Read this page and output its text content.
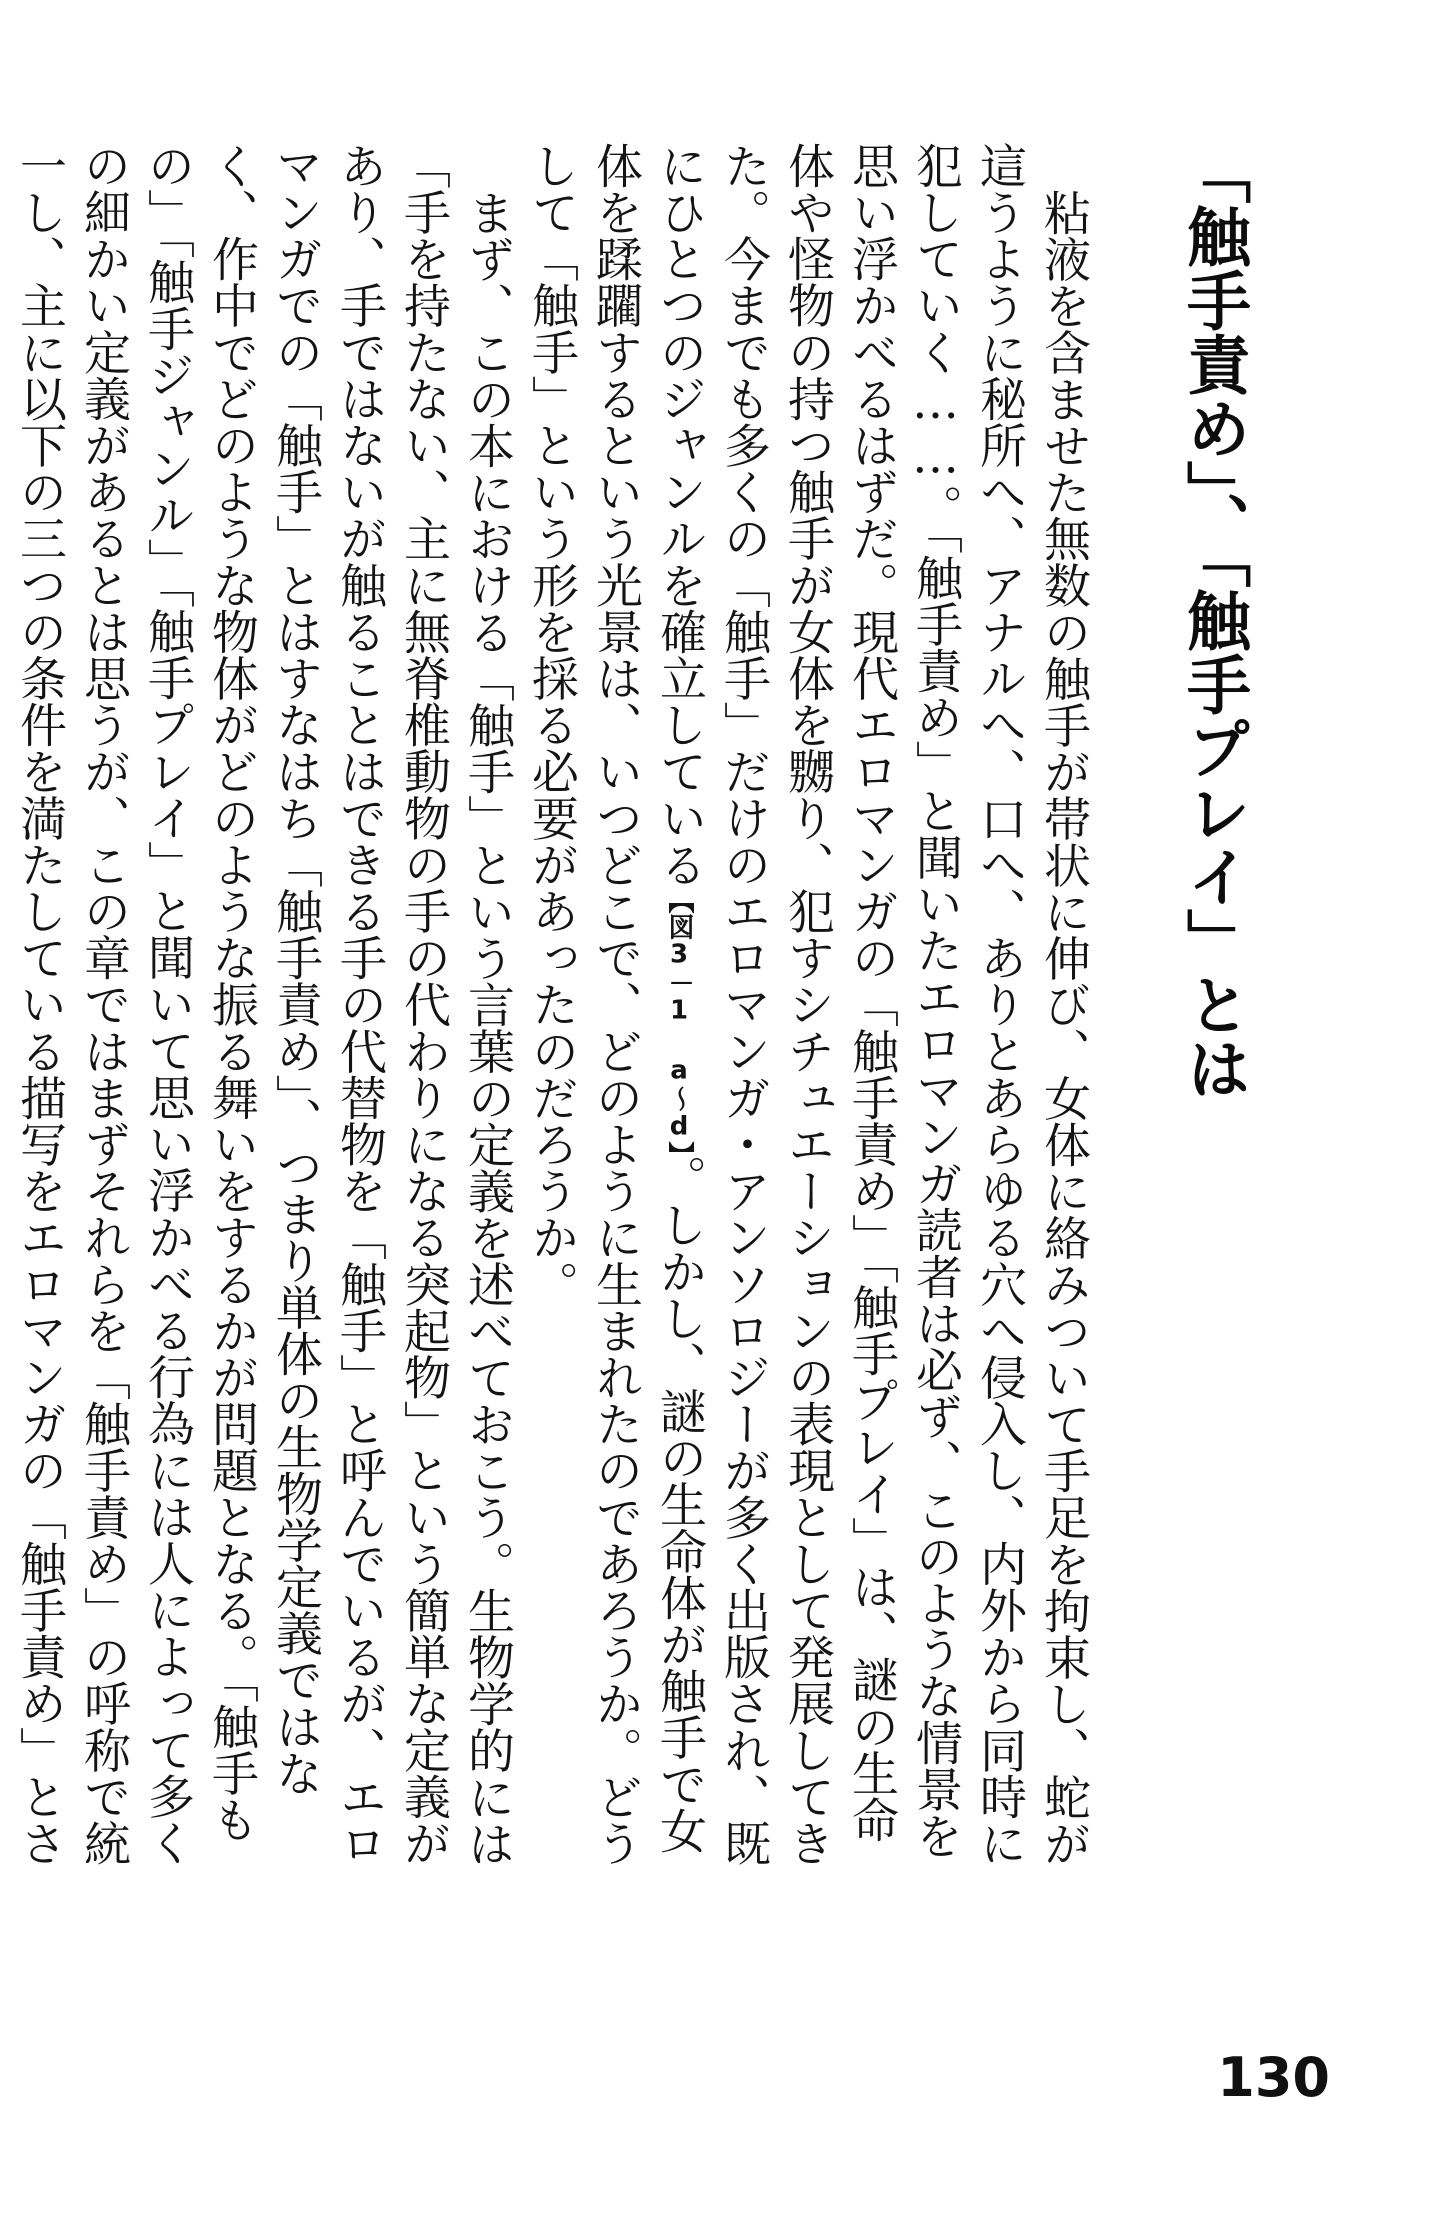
「触手責め」、「触手プレイ」とは

粘液を含ませた無数の触手が帯状に伸び、女体に絡みついて手足を拘束し、蛇が這うように秘所へ、アナルへ、口へ、ありとあらゆる穴へ侵入し、内外から同時に犯していく……。「触手責め」と聞いたエロマンガ読者は必ず、このような情景を思い浮かべるはずだ。現代エロマンガの「触手責め」「触手プレイ」は、謎の生命体や怪物の持つ触手が女体を嬲り、犯すシチュエーションの表現として発展してきた。今までも多くの「触手」だけのエロマンガ・アンソロジーが多く出版され、既にひとつのジャンルを確立している【図3－1 a～d】。しかし、謎の生命体が触手で女体を蹂躙するという光景は、いつどこで、どのように生まれたのであろうか。どうして「触手」という形を採る必要があったのだろうか。

まず、この本における「触手」という言葉の定義を述べておこう。生物学的には「手を持たない、主に無脊椎動物の手の代わりになる突起物」という簡単な定義があり、手ではないが触ることはできる手の代替物を「触手」と呼んでいるが、エロマンガでの「触手」とはすなはち「触手責め」、つまり単体の生物学定義ではなく、作中でどのような物体がどのような振る舞いをするかが問題となる。「触手もの」「触手ジャンル」「触手プレイ」と聞いて思い浮かべる行為には人によって多くの細かい定義があるとは思うが、この章ではまずそれらを「触手責め」の呼称で統一し、主に以下の三つの条件を満たしている描写をエロマンガの「触手責め」とさ

130
